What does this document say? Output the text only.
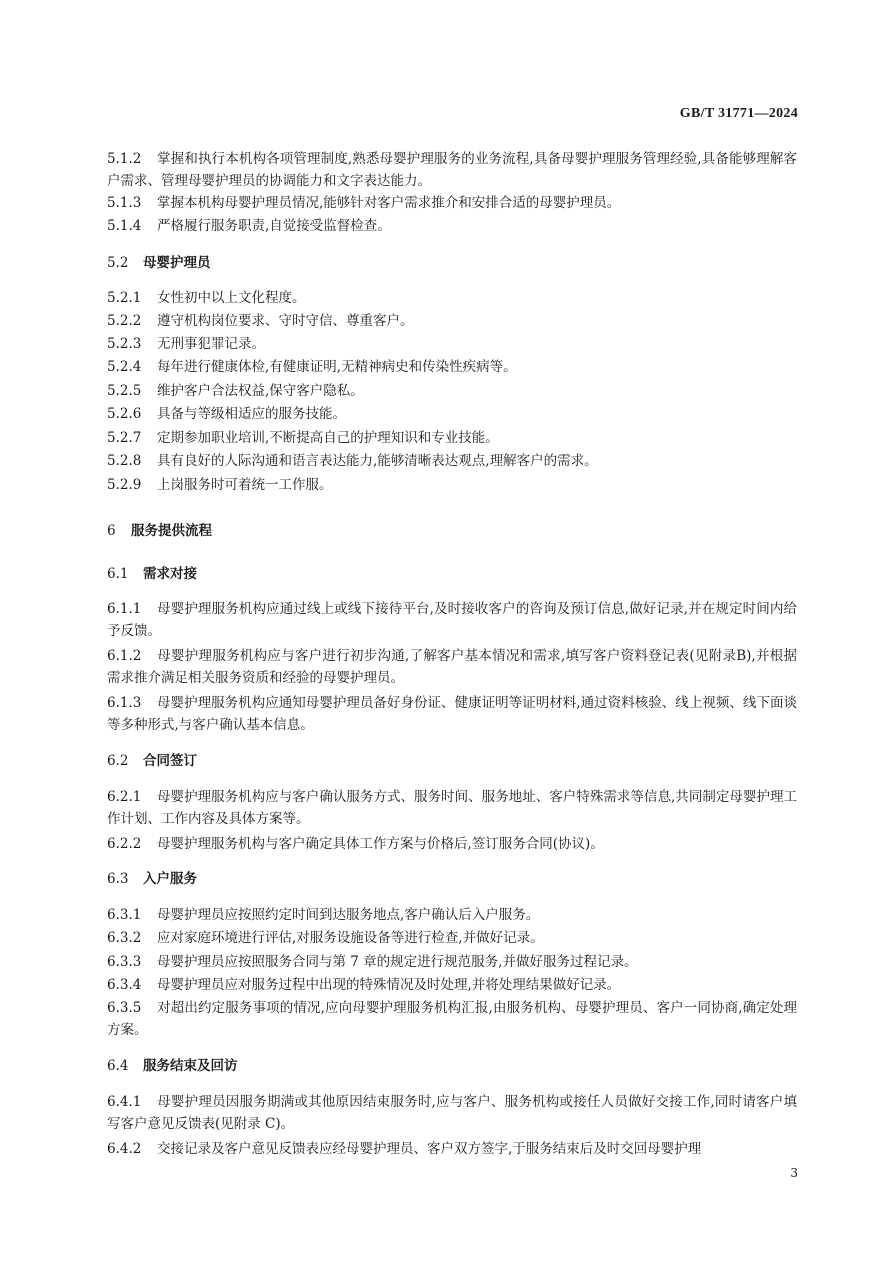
GB/T 31771—2024
5.1.2 掌握和执行本机构各项管理制度,熟悉母婴护理服务的业务流程,具备母婴护理服务管理经验,具备能够理解客户需求、管理母婴护理员的协调能力和文字表达能力。
5.1.3 掌握本机构母婴护理员情况,能够针对客户需求推介和安排合适的母婴护理员。
5.1.4 严格履行服务职责,自觉接受监督检查。
5.2 母婴护理员
5.2.1 女性初中以上文化程度。
5.2.2 遵守机构岗位要求、守时守信、尊重客户。
5.2.3 无刑事犯罪记录。
5.2.4 每年进行健康体检,有健康证明,无精神病史和传染性疾病等。
5.2.5 维护客户合法权益,保守客户隐私。
5.2.6 具备与等级相适应的服务技能。
5.2.7 定期参加职业培训,不断提高自己的护理知识和专业技能。
5.2.8 具有良好的人际沟通和语言表达能力,能够清晰表达观点,理解客户的需求。
5.2.9 上岗服务时可着统一工作服。
6 服务提供流程
6.1 需求对接
6.1.1 母婴护理服务机构应通过线上或线下接待平台,及时接收客户的咨询及预订信息,做好记录,并在规定时间内给予反馈。
6.1.2 母婴护理服务机构应与客户进行初步沟通,了解客户基本情况和需求,填写客户资料登记表(见附录B),并根据需求推介满足相关服务资质和经验的母婴护理员。
6.1.3 母婴护理服务机构应通知母婴护理员备好身份证、健康证明等证明材料,通过资料核验、线上视频、线下面谈等多种形式,与客户确认基本信息。
6.2 合同签订
6.2.1 母婴护理服务机构应与客户确认服务方式、服务时间、服务地址、客户特殊需求等信息,共同制定母婴护理工作计划、工作内容及具体方案等。
6.2.2 母婴护理服务机构与客户确定具体工作方案与价格后,签订服务合同(协议)。
6.3 入户服务
6.3.1 母婴护理员应按照约定时间到达服务地点,客户确认后入户服务。
6.3.2 应对家庭环境进行评估,对服务设施设备等进行检查,并做好记录。
6.3.3 母婴护理员应按照服务合同与第 7 章的规定进行规范服务,并做好服务过程记录。
6.3.4 母婴护理员应对服务过程中出现的特殊情况及时处理,并将处理结果做好记录。
6.3.5 对超出约定服务事项的情况,应向母婴护理服务机构汇报,由服务机构、母婴护理员、客户一同协商,确定处理方案。
6.4 服务结束及回访
6.4.1 母婴护理员因服务期满或其他原因结束服务时,应与客户、服务机构或接任人员做好交接工作,同时请客户填写客户意见反馈表(见附录 C)。
6.4.2 交接记录及客户意见反馈表应经母婴护理员、客户双方签字,于服务结束后及时交回母婴护理
3
